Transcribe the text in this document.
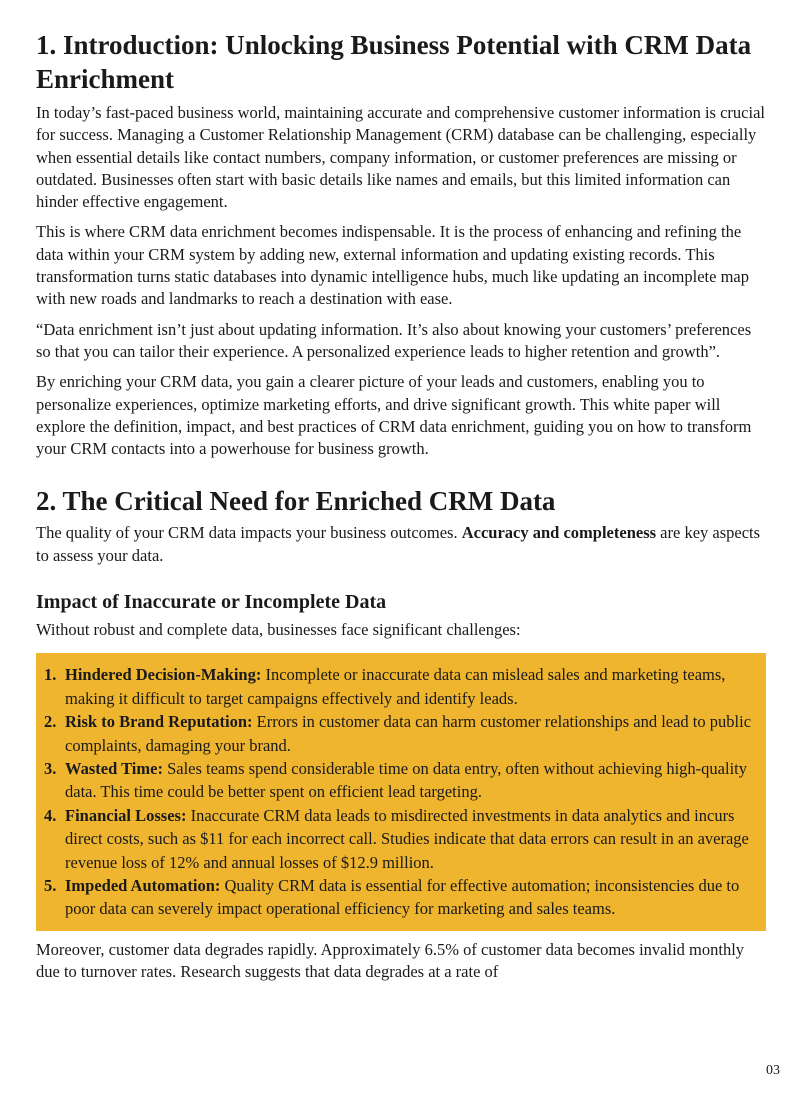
1. Introduction: Unlocking Business Potential with CRM Data Enrichment

In today’s fast-paced business world, maintaining accurate and comprehensive customer information is crucial for success. Managing a Customer Relationship Management (CRM) database can be challenging, especially when essential details like contact numbers, company information, or customer preferences are missing or outdated. Businesses often start with basic details like names and emails, but this limited information can hinder effective engagement.

This is where CRM data enrichment becomes indispensable. It is the process of enhancing and refining the data within your CRM system by adding new, external information and updating existing records. This transformation turns static databases into dynamic intelligence hubs, much like updating an incomplete map with new roads and landmarks to reach a destination with ease.

“Data enrichment isn’t just about updating information. It’s also about knowing your customers’ preferences so that you can tailor their experience. A personalized experience leads to higher retention and growth”.

By enriching your CRM data, you gain a clearer picture of your leads and customers, enabling you to personalize experiences, optimize marketing efforts, and drive significant growth. This white paper will explore the definition, impact, and best practices of CRM data enrichment, guiding you on how to transform your CRM contacts into a powerhouse for business growth.

2. The Critical Need for Enriched CRM Data

The quality of your CRM data impacts your business outcomes. Accuracy and completeness are key aspects to assess your data.

Impact of Inaccurate or Incomplete Data

Without robust and complete data, businesses face significant challenges:

1. Hindered Decision-Making: Incomplete or inaccurate data can mislead sales and marketing teams, making it difficult to target campaigns effectively and identify leads.
2. Risk to Brand Reputation: Errors in customer data can harm customer relationships and lead to public complaints, damaging your brand.
3. Wasted Time: Sales teams spend considerable time on data entry, often without achieving high-quality data. This time could be better spent on efficient lead targeting.
4. Financial Losses: Inaccurate CRM data leads to misdirected investments in data analytics and incurs direct costs, such as $11 for each incorrect call. Studies indicate that data errors can result in an average revenue loss of 12% and annual losses of $12.9 million.
5. Impeded Automation: Quality CRM data is essential for effective automation; inconsistencies due to poor data can severely impact operational efficiency for marketing and sales teams.

Moreover, customer data degrades rapidly. Approximately 6.5% of customer data becomes invalid monthly due to turnover rates. Research suggests that data degrades at a rate of

03
